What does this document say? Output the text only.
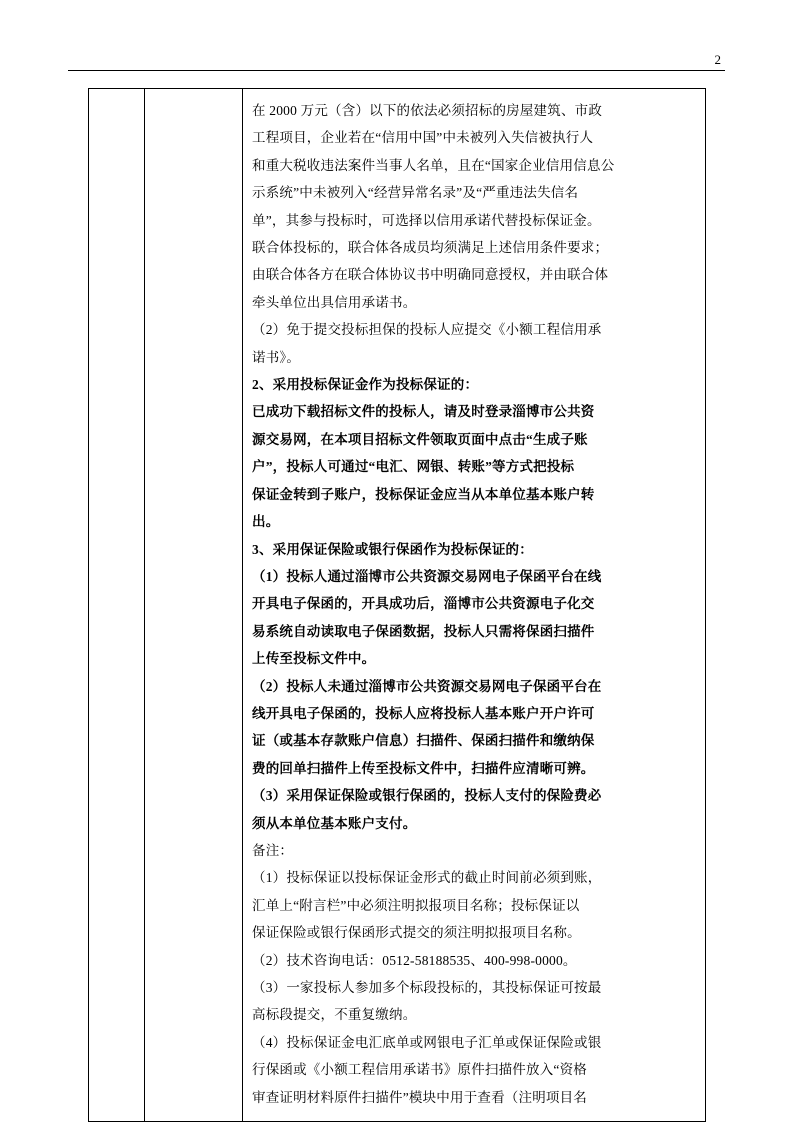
2

在 2000 万元（含）以下的依法必须招标的房屋建筑、市政

工程项目，企业若在“信用中国”中未被列入失信被执行人

和重大税收违法案件当事人名单，且在“国家企业信用信息公

示系统”中未被列入“经营异常名录”及“严重违法失信名

单”，其参与投标时，可选择以信用承诺代替投标保证金。

联合体投标的，联合体各成员均须满足上述信用条件要求；

由联合体各方在联合体协议书中明确同意授权，并由联合体

牵头单位出具信用承诺书。

（2）免于提交投标担保的投标人应提交《小额工程信用承

诺书》。

2、采用投标保证金作为投标保证的：

已成功下载招标文件的投标人，请及时登录淄博市公共资

源交易网，在本项目招标文件领取页面中点击“生成子账

户”，投标人可通过“电汇、网银、转账”等方式把投标

保证金转到子账户，投标保证金应当从本单位基本账户转

出。

3、采用保证保险或银行保函作为投标保证的：

（1）投标人通过淄博市公共资源交易网电子保函平台在线

开具电子保函的，开具成功后，淄博市公共资源电子化交

易系统自动读取电子保函数据，投标人只需将保函扫描件

上传至投标文件中。

（2）投标人未通过淄博市公共资源交易网电子保函平台在

线开具电子保函的，投标人应将投标人基本账户开户许可

证（或基本存款账户信息）扫描件、保函扫描件和缴纳保

费的回单扫描件上传至投标文件中，扫描件应清晰可辨。

（3）采用保证保险或银行保函的，投标人支付的保险费必

须从本单位基本账户支付。

备注：

（1）投标保证以投标保证金形式的截止时间前必须到账，

汇单上“附言栏”中必须注明拟报项目名称；投标保证以

保证保险或银行保函形式提交的须注明拟报项目名称。

（2）技术咨询电话：0512-58188535、400-998-0000。

（3）一家投标人参加多个标段投标的，其投标保证可按最

高标段提交，不重复缴纳。

（4）投标保证金电汇底单或网银电子汇单或保证保险或银

行保函或《小额工程信用承诺书》原件扫描件放入“资格

审查证明材料原件扫描件”模块中用于查看（注明项目名
